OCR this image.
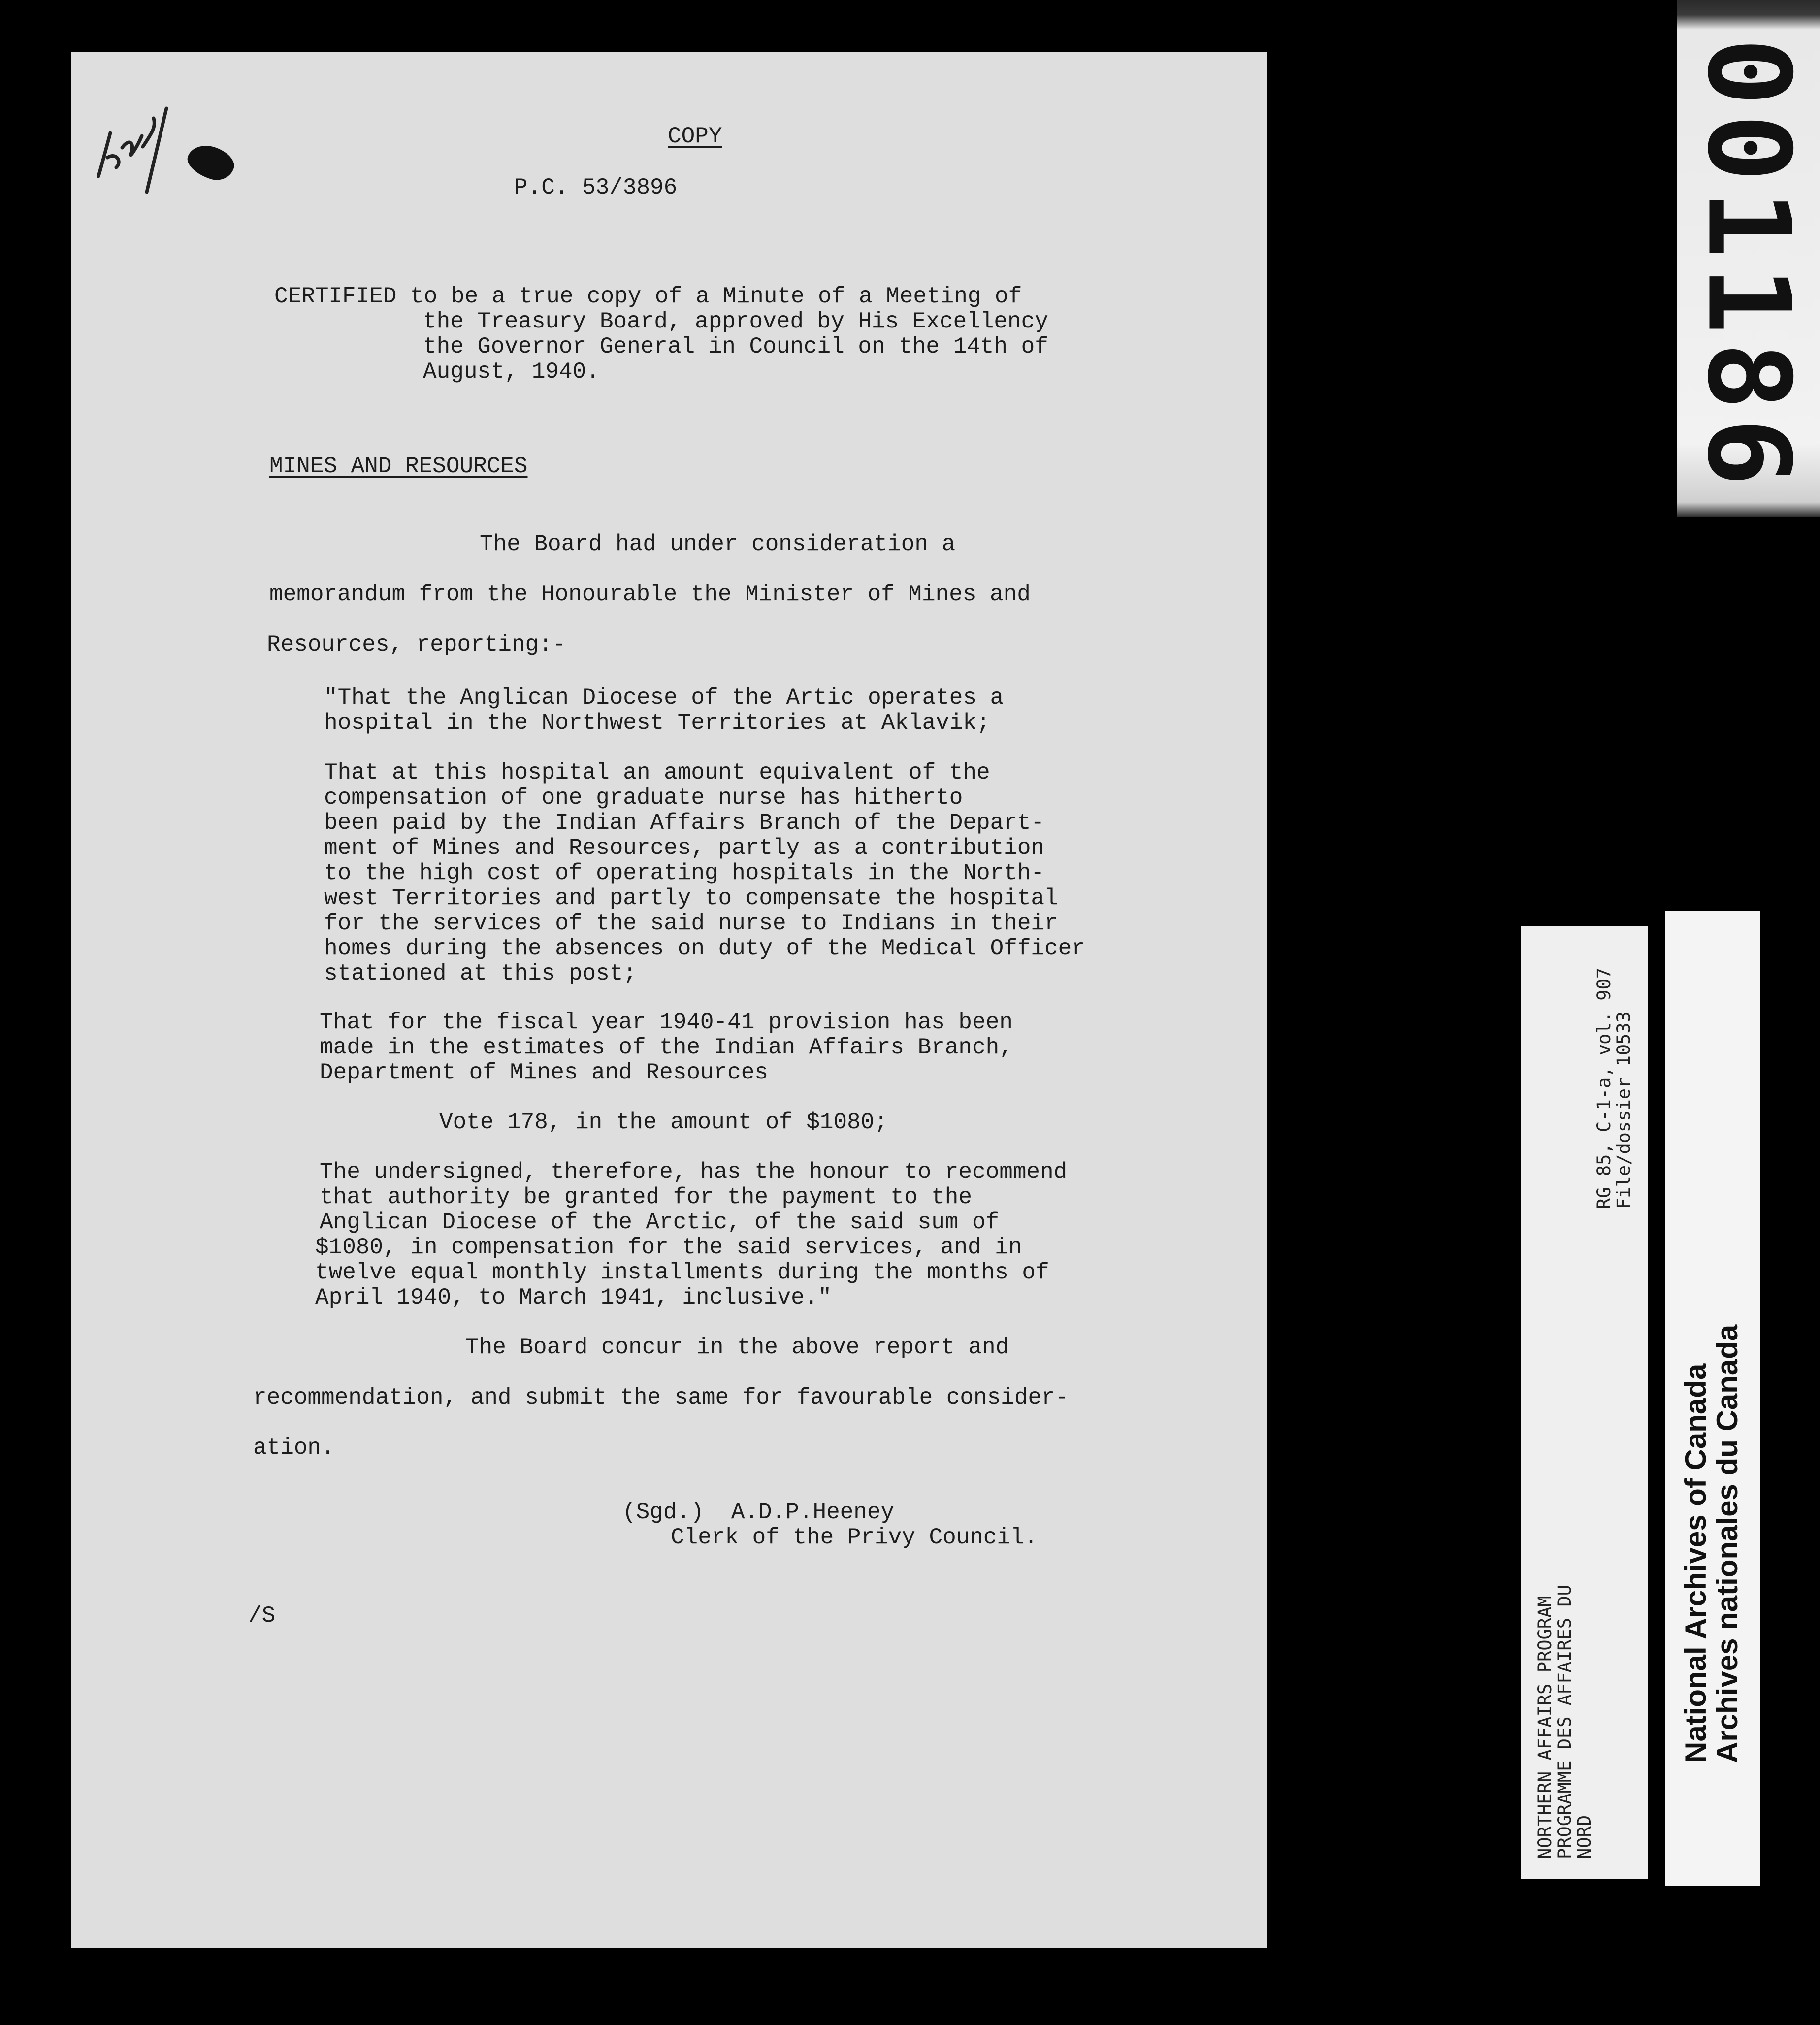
COPY
P.C. 53/3896
CERTIFIED to be a true copy of a Minute of a Meeting of
the Treasury Board, approved by His Excellency
the Governor General in Council on the 14th of
August, 1940.
MINES AND RESOURCES
The Board had under consideration a
memorandum from the Honourable the Minister of Mines and
Resources, reporting:-
"That the Anglican Diocese of the Artic operates a
hospital in the Northwest Territories at Aklavik;
That at this hospital an amount equivalent of the
compensation of one graduate nurse has hitherto
been paid by the Indian Affairs Branch of the Depart-
ment of Mines and Resources, partly as a contribution
to the high cost of operating hospitals in the North-
west Territories and partly to compensate the hospital
for the services of the said nurse to Indians in their
homes during the absences on duty of the Medical Officer
stationed at this post;
That for the fiscal year 1940-41 provision has been
made in the estimates of the Indian Affairs Branch,
Department of Mines and Resources
Vote 178, in the amount of $1080;
The undersigned, therefore, has the honour to recommend
that authority be granted for the payment to the
Anglican Diocese of the Arctic, of the said sum of
$1080, in compensation for the said services, and in
twelve equal monthly installments during the months of
April 1940, to March 1941, inclusive."
The Board concur in the above report and
recommendation, and submit the same for favourable consider-
ation.
(Sgd.)  A.D.P.Heeney
Clerk of the Privy Council.
/S
001186
NORTHERN AFFAIRS PROGRAM
PROGRAMME DES AFFAIRES DU
NORD
RG 85, C-1-a, vol. 907
File/dossier 10533
National Archives of Canada
Archives nationales du Canada
